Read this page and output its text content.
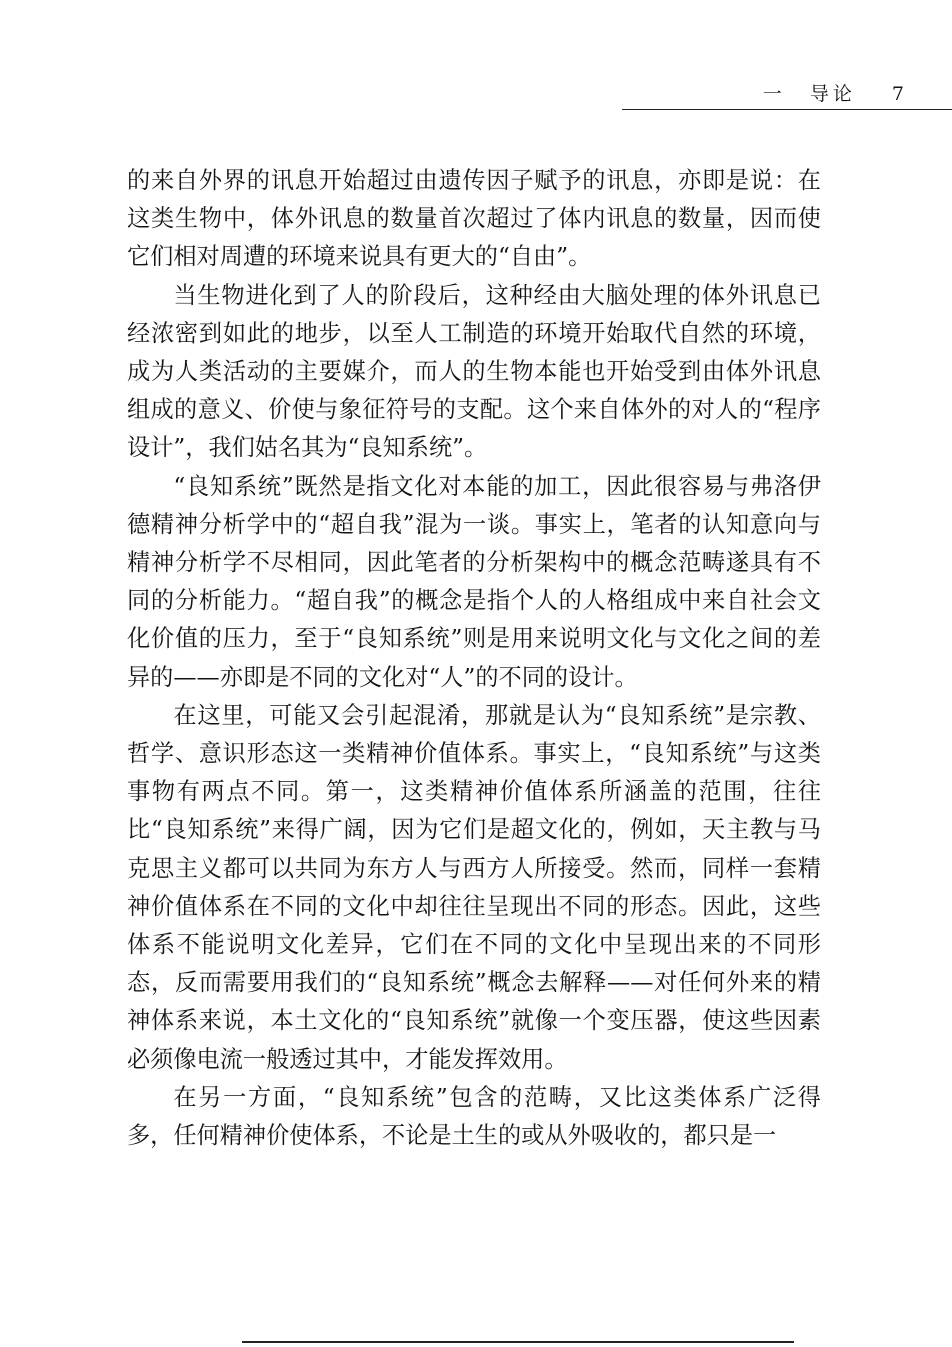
一 导论 7

的来自外界的讯息开始超过由遗传因子赋予的讯息，亦即是说：在这类生物中，体外讯息的数量首次超过了体内讯息的数量，因而使它们相对周遭的环境来说具有更大的“自由”。

当生物进化到了人的阶段后，这种经由大脑处理的体外讯息已经浓密到如此的地步，以至人工制造的环境开始取代自然的环境，成为人类活动的主要媒介，而人的生物本能也开始受到由体外讯息组成的意义、价使与象征符号的支配。这个来自体外的对人的“程序设计”，我们姑名其为“良知系统”。

“良知系统”既然是指文化对本能的加工，因此很容易与弗洛伊德精神分析学中的“超自我”混为一谈。事实上，笔者的认知意向与精神分析学不尽相同，因此笔者的分析架构中的概念范畴遂具有不同的分析能力。“超自我”的概念是指个人的人格组成中来自社会文化价值的压力，至于“良知系统”则是用来说明文化与文化之间的差异的——亦即是不同的文化对“人”的不同的设计。

在这里，可能又会引起混淆，那就是认为“良知系统”是宗教、哲学、意识形态这一类精神价值体系。事实上，“良知系统”与这类事物有两点不同。第一，这类精神价值体系所涵盖的范围，往往比“良知系统”来得广阔，因为它们是超文化的，例如，天主教与马克思主义都可以共同为东方人与西方人所接受。然而，同样一套精神价值体系在不同的文化中却往往呈现出不同的形态。因此，这些体系不能说明文化差异，它们在不同的文化中呈现出来的不同形态，反而需要用我们的“良知系统”概念去解释——对任何外来的精神体系来说，本土文化的“良知系统”就像一个变压器，使这些因素必须像电流一般透过其中，才能发挥效用。

在另一方面，“良知系统”包含的范畴，又比这类体系广泛得多，任何精神价使体系，不论是土生的或从外吸收的，都只是一
